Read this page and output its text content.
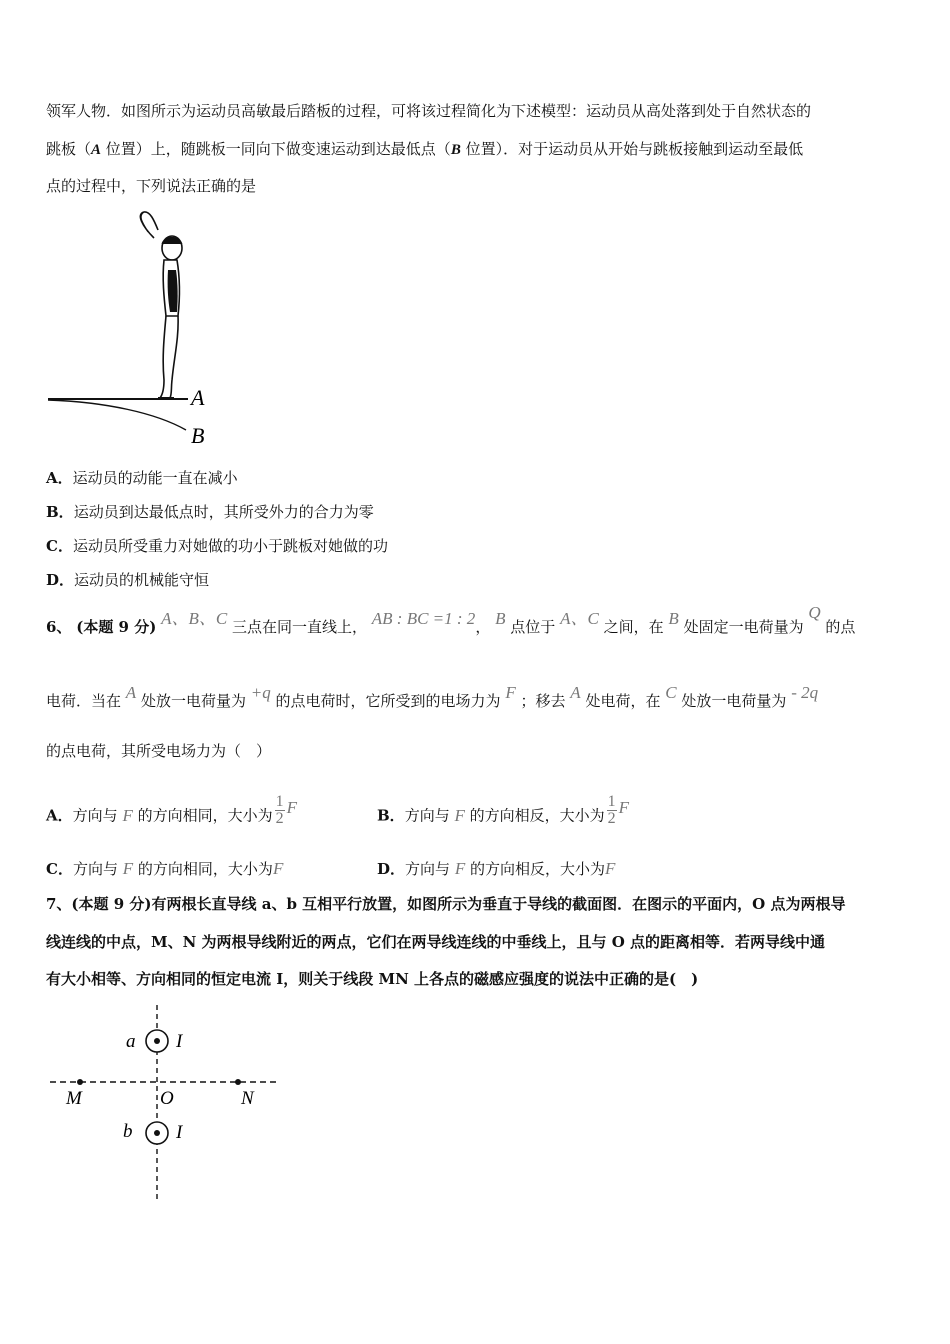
领军人物．如图所示为运动员高敏最后踏板的过程，可将该过程简化为下述模型：运动员从高处落到处于自然状态的
跳板（A 位置）上，随跳板一同向下做变速运动到达最低点（B 位置）．对于运动员从开始与跳板接触到运动至最低
点的过程中，下列说法正确的是
A
B
A．运动员的动能一直在减小
B．运动员到达最低点时，其所受外力的合力为零
C．运动员所受重力对她做的功小于跳板对她做的功
D．运动员的机械能守恒
6、 (本题 9 分) A、B、C 三点在同一直线上， AB : BC =1 : 2， B 点位于 A、C 之间，在 B 处固定一电荷量为 Q 的点
电荷．当在 A 处放一电荷量为 +q 的点电荷时，它所受到的电场力为 F ；移去 A 处电荷，在 C 处放一电荷量为 - 2q
的点电荷，其所受电场力为（　）
A．方向与 F 的方向相同，大小为 $\frac{1}{2}$ F	B．方向与 F 的方向相反，大小为 $\frac{1}{2}$ F
C．方向与 F 的方向相同，大小为F	D．方向与 F 的方向相反，大小为F
7、(本题 9 分)有两根长直导线 a、b 互相平行放置，如图所示为垂直于导线的截面图．在图示的平面内，O 点为两根导
线连线的中点，M、N 为两根导线附近的两点，它们在两导线连线的中垂线上，且与 O 点的距离相等．若两导线中通
有大小相等、方向相同的恒定电流 I，则关于线段 MN 上各点的磁感应强度的说法中正确的是(　)
a I
b I
M	O	N
